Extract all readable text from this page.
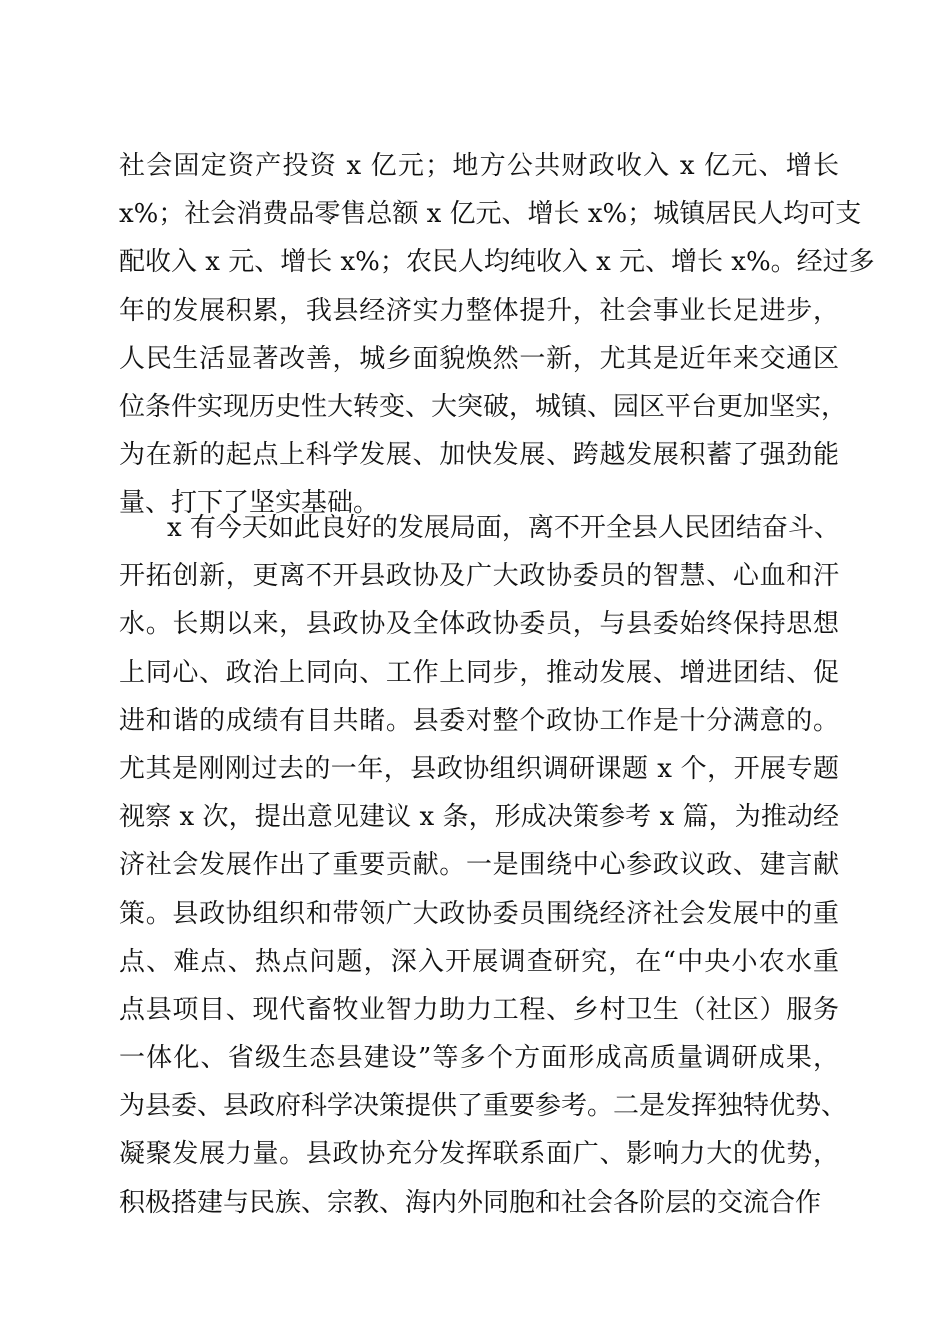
社会固定资产投资 x 亿元；地方公共财政收入 x 亿元、增长
x%；社会消费品零售总额 x 亿元、增长 x%；城镇居民人均可支
配收入 x 元、增长 x%；农民人均纯收入 x 元、增长 x%。经过多
年的发展积累，我县经济实力整体提升，社会事业长足进步，
人民生活显著改善，城乡面貌焕然一新，尤其是近年来交通区
位条件实现历史性大转变、大突破，城镇、园区平台更加坚实，
为在新的起点上科学发展、加快发展、跨越发展积蓄了强劲能
量、打下了坚实基础。
x 有今天如此良好的发展局面，离不开全县人民团结奋斗、
开拓创新，更离不开县政协及广大政协委员的智慧、心血和汗
水。长期以来，县政协及全体政协委员，与县委始终保持思想
上同心、政治上同向、工作上同步，推动发展、增进团结、促
进和谐的成绩有目共睹。县委对整个政协工作是十分满意的。
尤其是刚刚过去的一年，县政协组织调研课题 x 个，开展专题
视察 x 次，提出意见建议 x 条，形成决策参考 x 篇，为推动经
济社会发展作出了重要贡献。一是围绕中心参政议政、建言献
策。县政协组织和带领广大政协委员围绕经济社会发展中的重
点、难点、热点问题，深入开展调查研究，在“中央小农水重
点县项目、现代畜牧业智力助力工程、乡村卫生（社区）服务
一体化、省级生态县建设”等多个方面形成高质量调研成果，
为县委、县政府科学决策提供了重要参考。二是发挥独特优势、
凝聚发展力量。县政协充分发挥联系面广、影响力大的优势，
积极搭建与民族、宗教、海内外同胞和社会各阶层的交流合作
